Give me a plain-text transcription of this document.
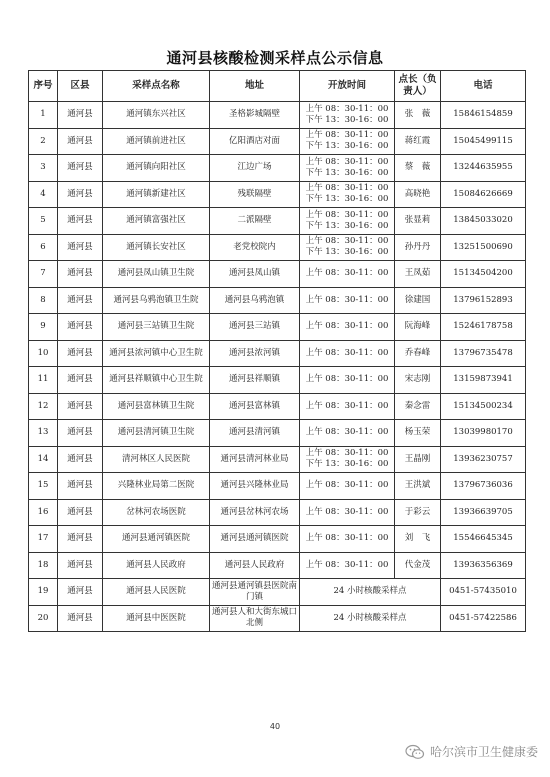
通河县核酸检测采样点公示信息
序号	区县	采样点名称	地址	开放时间	点长（负责人）	电话
1	通河县	通河镇东兴社区	圣格影城隔壁	上午 08：30-11：00
下午 13：30-16：00	张　薇	15846154859
2	通河县	通河镇前进社区	亿阳酒店对面	上午 08：30-11：00
下午 13：30-16：00	蒋红霞	15045499115
3	通河县	通河镇向阳社区	江边广场	上午 08：30-11：00
下午 13：30-16：00	蔡　薇	13244635955
4	通河县	通河镇新建社区	残联隔壁	上午 08：30-11：00
下午 13：30-16：00	高晓艳	15084626669
5	通河县	通河镇富强社区	二派隔壁	上午 08：30-11：00
下午 13：30-16：00	张显莉	13845033020
6	通河县	通河镇长安社区	老党校院内	上午 08：30-11：00
下午 13：30-16：00	孙丹丹	13251500690
7	通河县	通河县凤山镇卫生院	通河县凤山镇	上午 08：30-11：00	王凤茹	15134504200
8	通河县	通河县乌鸦泡镇卫生院	通河县乌鸦泡镇	上午 08：30-11：00	徐建国	13796152893
9	通河县	通河县三站镇卫生院	通河县三站镇	上午 08：30-11：00	阮海峰	15246178758
10	通河县	通河县浓河镇中心卫生院	通河县浓河镇	上午 08：30-11：00	乔春峰	13796735478
11	通河县	通河县祥顺镇中心卫生院	通河县祥顺镇	上午 08：30-11：00	宋志刚	13159873941
12	通河县	通河县富林镇卫生院	通河县富林镇	上午 08：30-11：00	秦念雷	15134500234
13	通河县	通河县清河镇卫生院	通河县清河镇	上午 08：30-11：00	杨玉荣	13039980170
14	通河县	清河林区人民医院	通河县清河林业局	上午 08：30-11：00
下午 13：30-16：00	王晶刚	13936230757
15	通河县	兴隆林业局第二医院	通河县兴隆林业局	上午 08：30-11：00	王洪斌	13796736036
16	通河县	岔林河农场医院	通河县岔林河农场	上午 08：30-11：00	于彩云	13936639705
17	通河县	通河县通河镇医院	通河县通河镇医院	上午 08：30-11：00	刘　飞	15546645345
18	通河县	通河县人民政府	通河县人民政府	上午 08：30-11：00	代金茂	13936356369
19	通河县	通河县人民医院	通河县通河镇县医院南门镇	24 小时核酸采样点		0451-57435010
20	通河县	通河县中医医院	通河县人和大街东城口北侧	24 小时核酸采样点		0451-57422586
40
哈尔滨市卫生健康委
